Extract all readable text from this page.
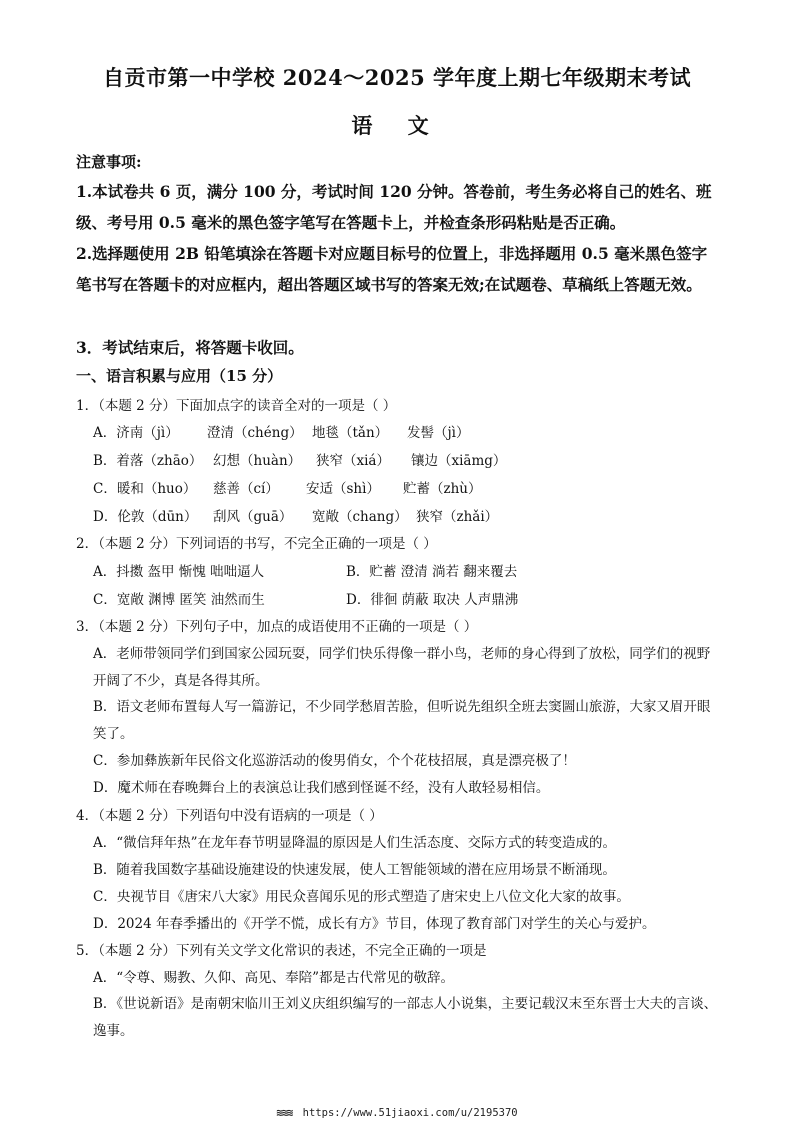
自贡市第一中学校 2024～2025 学年度上期七年级期末考试
语 文
注意事项:
1.本试卷共 6 页，满分 100 分，考试时间 120 分钟。答卷前，考生务必将自己的姓名、班级、考号用 0.5 毫米的黑色签字笔写在答题卡上，并检查条形码粘贴是否正确。
2.选择题使用 2B 铅笔填涂在答题卡对应题目标号的位置上，非选择题用 0.5 毫米黑色签字笔书写在答题卡的对应框内，超出答题区域书写的答案无效;在试题卷、草稿纸上答题无效。
3．考试结束后，将答题卡收回。
一、语言积累与应用（15 分）
1．（本题 2 分）下面加点字的读音全对的一项是（ ）
A．济南（jì） 澄清（chéng） 地毯（tǎn） 发髻（jì）
B．着落（zhāo） 幻想（huàn） 狭窄（xiá） 镶边（xiāmg）
C．暖和（huo） 慈善（cí） 安适（shì） 贮蓄（zhù）
D．伦敦（dūn） 刮风（guā） 宽敞（chang） 狭窄（zhǎi）
2．（本题 2 分）下列词语的书写，不完全正确的一项是（ ）
A．抖擞 盔甲 惭愧 咄咄逼人	B．贮蓄 澄清 淌若 翻来覆去
C．宽敞 渊博 匿笑 油然而生	D．徘徊 荫蔽 取决 人声鼎沸
3．（本题 2 分）下列句子中，加点的成语使用不正确的一项是（ ）
A．老师带领同学们到国家公园玩耍，同学们快乐得像一群小鸟，老师的身心得到了放松，同学们的视野开阔了不少，真是各得其所。
B．语文老师布置每人写一篇游记，不少同学愁眉苦脸，但听说先组织全班去窦圌山旅游，大家又眉开眼笑了。
C．参加彝族新年民俗文化巡游活动的俊男俏女，个个花枝招展，真是漂亮极了！
D．魔术师在春晚舞台上的表演总让我们感到怪诞不经，没有人敢轻易相信。
4．（本题 2 分）下列语句中没有语病的一项是（ ）
A．“微信拜年热”在龙年春节明显降温的原因是人们生活态度、交际方式的转变造成的。
B．随着我国数字基础设施建设的快速发展，使人工智能领域的潜在应用场景不断涌现。
C．央视节目《唐宋八大家》用民众喜闻乐见的形式塑造了唐宋史上八位文化大家的故事。
D．2024 年春季播出的《开学不慌，成长有方》节目，体现了教育部门对学生的关心与爱护。
5．（本题 2 分）下列有关文学文化常识的表述，不完全正确的一项是
A．“令尊、赐教、久仰、高见、奉陪”都是古代常见的敬辞。
B．《世说新语》是南朝宋临川王刘义庆组织编写的一部志人小说集，主要记载汉末至东晋士大夫的言谈、逸事。
≋≋≋ https://www.51jiaoxi.com/u/2195370
